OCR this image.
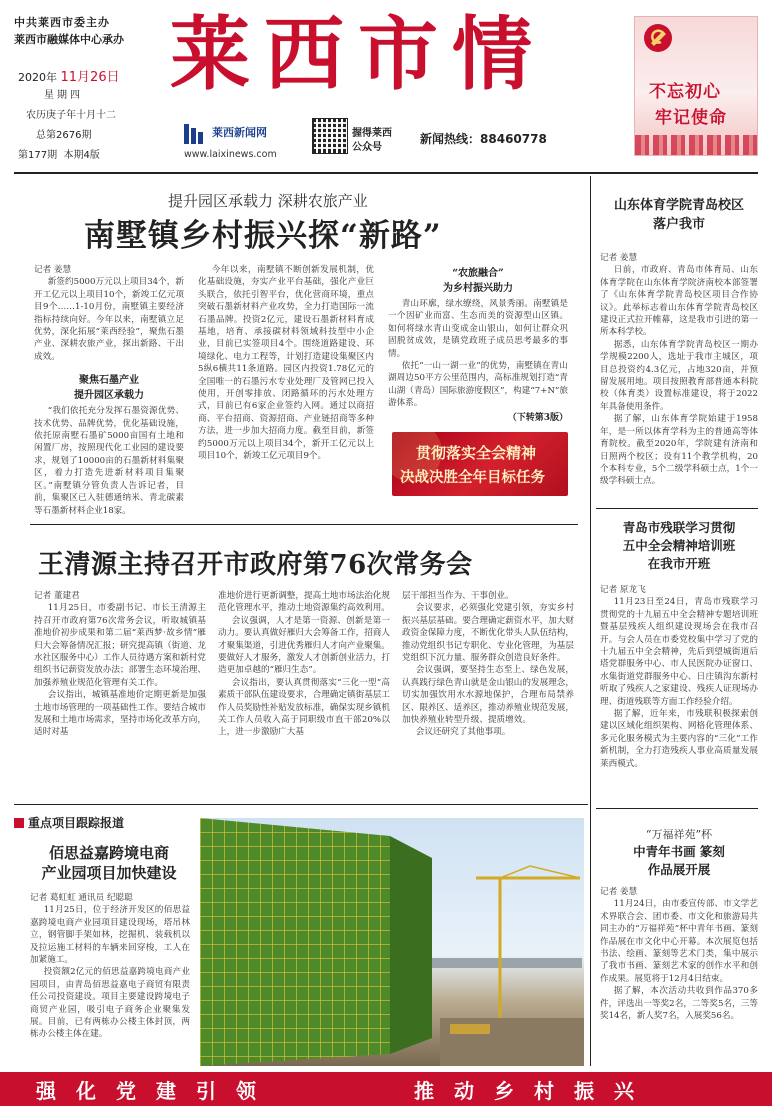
中共莱西市委主办
莱西市融媒体中心承办
2020年 11月26日
星期四
农历庚子年十月十二
总第2676期
第177期 本期4版
莱西市情
莱西新闻网
www.laixinews.com
握得莱西
公众号
新闻热线：88460778
不忘初心
牢记使命
提升园区承载力 深耕农旅产业
南墅镇乡村振兴探“新路”

记者 姜慧

新签约5000万元以上项目34个，新开工亿元以上项目10个，新竣工亿元项目9个……1-10月份，南墅镇主要经济指标持续向好。今年以来，南墅镇立足优势，深化拓展“莱西经验”，聚焦石墨产业、深耕农旅产业，探出新路、干出成效。

聚焦石墨产业
提升园区承载力

“我们依托充分发挥石墨资源优势、技术优势、品牌优势，优化基础设施，依托原南墅石墨矿5000亩国有土地和闲置厂房，按照现代化工业园的建设要求，规划了10000亩的石墨新材料集聚区，着力打造先进新材料项目集聚区。”南墅镇分管负责人告诉记者，目前，集聚区已入驻德通纳米、青北碳素等石墨新材料企业18家。

今年以来，南墅镇不断创新发展机制，优化基础设施，夯实产业平台基础，强化产业巨头联合，依托引智平台，优化营商环境，重点突破石墨新材料产业攻势，全力打造国际一流石墨品牌。投资2亿元，建设石墨新材料育成基地，培育、承接碳材料领域科技型中小企业，目前已实签项目4个。围绕道路建设、环境绿化、电力工程等，计划打造建设集聚区内5纵6横共11条道路。园区内投资1.78亿元的全国唯一的石墨污水专业处理厂及管网已投入使用，开创零排放、闭路循环的污水处理方式，目前已有6家企业签约入网。通过以商招商、平台招商、资源招商、产业链招商等多种方法，进一步加大招商力度。截至目前，新签约5000万元以上项目34个，新开工亿元以上项目10个，新竣工亿元项目9个。

“农旅融合”
为乡村振兴助力

青山环廓，绿水缭绕，风景秀丽。南墅镇是一个因矿业而富、生态而美的资源型山区镇。如何将绿水青山变成金山银山，如何让群众巩固脱贫成效，是镇党政班子成员思考最多的事情。

依托“一山一湖一业”的优势，南墅镇在青山湖周边50平方公里范围内，高标准规划打造“青山湖（青岛）国际旅游度假区”，构建“7+N”旅游体系。

（下转第3版）
贯彻落实全会精神
决战决胜全年目标任务
王清源主持召开市政府第76次常务会

记者 董建君

11月25日，市委副书记、市长王清源主持召开市政府第76次常务会议，听取城镇基准地价初步成果和第二届“莱西梦·故乡情”雁归大会筹备情况汇报；研究提高镇（街道、龙水社区服务中心）工作人员待遇方案和新村党组织书记薪资发放办法；部署生态环境治理、加强养殖业规范化管理有关工作。

会议指出，城镇基准地价定期更新是加强土地市场管理的一项基础性工作。要结合城市发展和土地市场需求，坚持市场化改革方向，适时对基

准地价进行更新调整，提高土地市场法治化规范化管理水平，推动土地资源集约高效利用。

会议强调，人才是第一资源、创新是第一动力。要认真做好雁归大会筹备工作，招商人才聚集渠道，引进优秀雁归人才向产业聚集。要做好人才服务，激发人才创新创业活力，打造更加卓越的“雁归生态”。

会议指出，要认真贯彻落实“三化一型”高素质干部队伍建设要求，合理确定镇街基层工作人员奖励性补贴发放标准，确保实现乡镇机关工作人员收入高于同职级市直干部20%以上，进一步激励广大基

层干部担当作为、干事创业。

会议要求，必须强化党建引领，夯实乡村振兴基层基础。要合理确定薪资水平，加大财政资金保障力度，不断优化带头人队伍结构，推动党组织书记专职化、专业化管理，为基层党组织下沉力量、服务群众创造良好条件。

会议强调，要坚持生态至上、绿色发展，认真践行绿色青山就是金山银山的发展理念，切实加强饮用水水源地保护，合理布局禁养区、限养区、适养区，推动养殖业规范发展，加快养殖业转型升级、提质增效。

会议还研究了其他事项。

重点项目跟踪报道
佰思益嘉跨境电商
产业园项目加快建设

记者 葛虹虹 通讯员 纪聪聪

11月25日，位于经济开发区的佰思益嘉跨境电商产业园项目建设现场，塔吊林立，钢管脚手架如林，挖掘机、装载机以及拉运施工材料的车辆来回穿梭，工人在加紧施工。

投资额2亿元的佰思益嘉跨境电商产业园项目，由青岛佰思益嘉电子商贸有限责任公司投资建设。项目主要建设跨境电子商贸产业园，吸引电子商务企业聚集发展。目前，已有两栋办公楼主体封顶，两栋办公楼主体在建。

山东体育学院青岛校区
落户我市

记者 姜慧

日前，市政府、青岛市体育局、山东体育学院在山东体育学院济南校本部签署了《山东体育学院青岛校区项目合作协议》。此举标志着山东体育学院青岛校区建设正式拉开帷幕，这是我市引进的第一所本科学校。

据悉，山东体育学院青岛校区一期办学规模2200人，选址于我市主城区，项目总投资约4.3亿元，占地320亩，并预留发展用地。项目按照教育部普通本科院校（体育类）设置标准建设，将于2022年具备使用条件。

据了解，山东体育学院始建于1958年，是一所以体育学科为主的普通高等体育院校。截至2020年，学院建有济南和日照两个校区；设有11个教学机构，20个本科专业，5个二级学科硕士点，1个一级学科硕士点。

青岛市残联学习贯彻
五中全会精神培训班
在我市开班

记者 原龙飞

11月23日至24日，青岛市残联学习贯彻党的十九届五中全会精神专题培训班暨基层残疾人组织建设现场会在我市召开。与会人员在市委党校集中学习了党的十九届五中全会精神，先后到望城街道后塔党群服务中心、市人民医院办证窗口、水集街道党群服务中心、日庄镇沟东新村听取了残疾人之家建设、残疾人证现场办理、街道残联等方面工作经验介绍。

据了解，近年来，市残联积极探索创建以区域化组织架构、网格化管理体系、多元化服务模式为主要内容的“三化”工作新机制，全力打造残疾人事业高质量发展莱西模式。

“万福祥苑”杯
中青年书画 篆刻
作品展开展

记者 姜慧

11月24日，由市委宣传部、市文学艺术界联合会、团市委、市文化和旅游局共同主办的“万福祥苑”杯中青年书画、篆刻作品展在市文化中心开幕。本次展览包括书法、绘画、篆刻等艺术门类，集中展示了我市书画、篆刻艺术家的创作水平和创作成果。展览将于12月4日结束。

据了解，本次活动共收到作品370多件，评选出一等奖2名，二等奖5名，三等奖14名，新人奖7名，入展奖56名。

强化党建引领	推动乡村振兴
